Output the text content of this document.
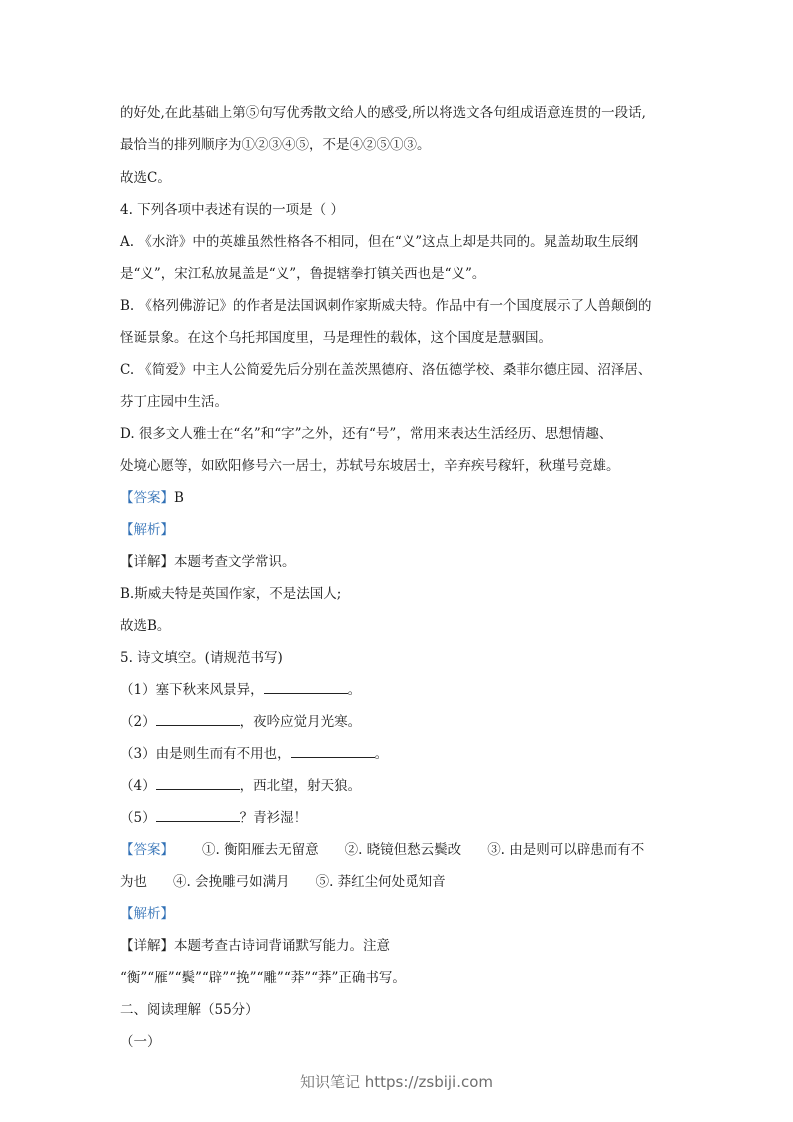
的好处,在此基础上第⑤句写优秀散文给人的感受,所以将选文各句组成语意连贯的一段话,
最恰当的排列顺序为①②③④⑤，不是④②⑤①③。
故选C。
4. 下列各项中表述有误的一项是（ ）
A. 《水浒》中的英雄虽然性格各不相同，但在“义”这点上却是共同的。晁盖劫取生辰纲
是“义”，宋江私放晁盖是“义”，鲁提辖拳打镇关西也是“义”。
B. 《格列佛游记》的作者是法国讽刺作家斯威夫特。作品中有一个国度展示了人兽颠倒的
怪诞景象。在这个乌托邦国度里，马是理性的载体，这个国度是慧骃国。
C. 《简爱》中主人公简爱先后分别在盖茨黑德府、洛伍德学校、桑菲尔德庄园、沼泽居、
芬丁庄园中生活。
D. 很多文人雅士在“名”和“字”之外，还有“号”，常用来表达生活经历、思想情趣、
处境心愿等，如欧阳修号六一居士，苏轼号东坡居士，辛弃疾号稼轩，秋瑾号竞雄。
【答案】B
【解析】
【详解】本题考查文学常识。
B.斯威夫特是英国作家，不是法国人;
故选B。
5. 诗文填空。(请规范书写)
（1）塞下秋来风景异，	。
（2）	，夜吟应觉月光寒。
（3）由是则生而有不用也，	。
（4）	，西北望，射天狼。
（5）	？青衫湿！
【答案】 ①. 衡阳雁去无留意 ②. 晓镜但愁云鬓改 ③. 由是则可以辟患而有不
为也 ④. 会挽雕弓如满月 ⑤. 莽红尘何处觅知音
【解析】
【详解】本题考查古诗词背诵默写能力。注意
“衡”“雁”“鬓”“辟”“挽”“雕”“莽”“莽”正确书写。
二、阅读理解（55分）
（一）
知识笔记 https://zsbiji.com
